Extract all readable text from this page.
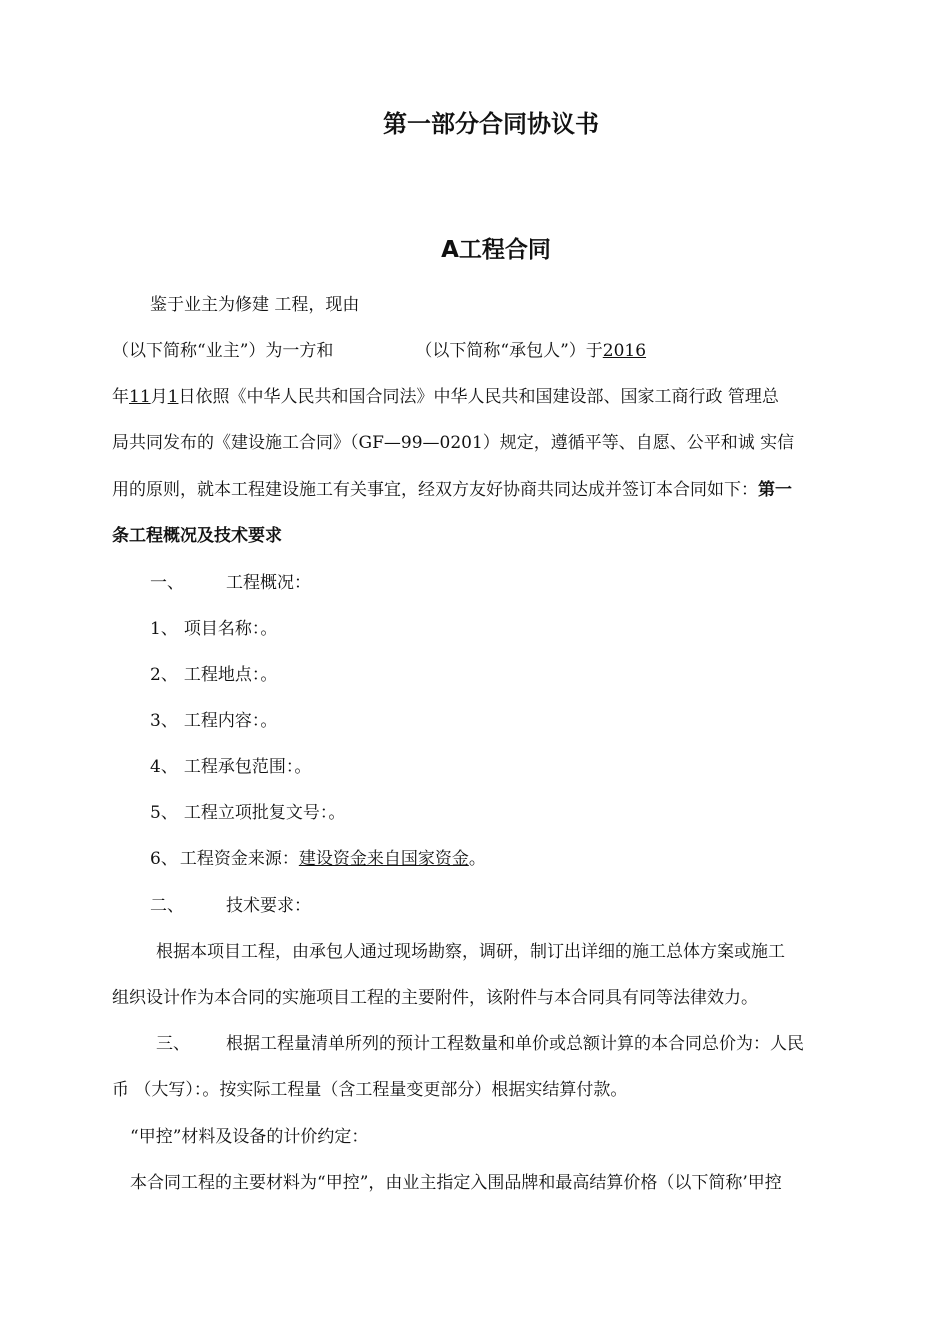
第一部分合同协议书
A工程合同
鉴于业主为修建 工程，现由
（以下简称“业主”）为一方和	（以下简称“承包人”）于2016
年11月1日依照《中华人民共和国合同法》中华人民共和国建设部、国家工商行政 管理总
局共同发布的《建设施工合同》（GF—99—0201）规定，遵循平等、自愿、公平和诚 实信
用的原则，就本工程建设施工有关事宜，经双方友好协商共同达成并签订本合同如下：第一
条工程概况及技术要求
一、 工程概况：
1、 项目名称：。
2、 工程地点：。
3、 工程内容：。
4、 工程承包范围：。
5、 工程立项批复文号：。
6、 工程资金来源：建设资金来自国家资金。
二、 技术要求：
根据本项目工程，由承包人通过现场勘察，调研，制订出详细的施工总体方案或施工
组织设计作为本合同的实施项目工程的主要附件，该附件与本合同具有同等法律效力。
三、 根据工程量清单所列的预计工程数量和单价或总额计算的本合同总价为：人民
币 （大写）：。按实际工程量（含工程量变更部分）根据实结算付款。
“甲控”材料及设备的计价约定：
本合同工程的主要材料为“甲控”，由业主指定入围品牌和最高结算价格（以下简称’甲控
